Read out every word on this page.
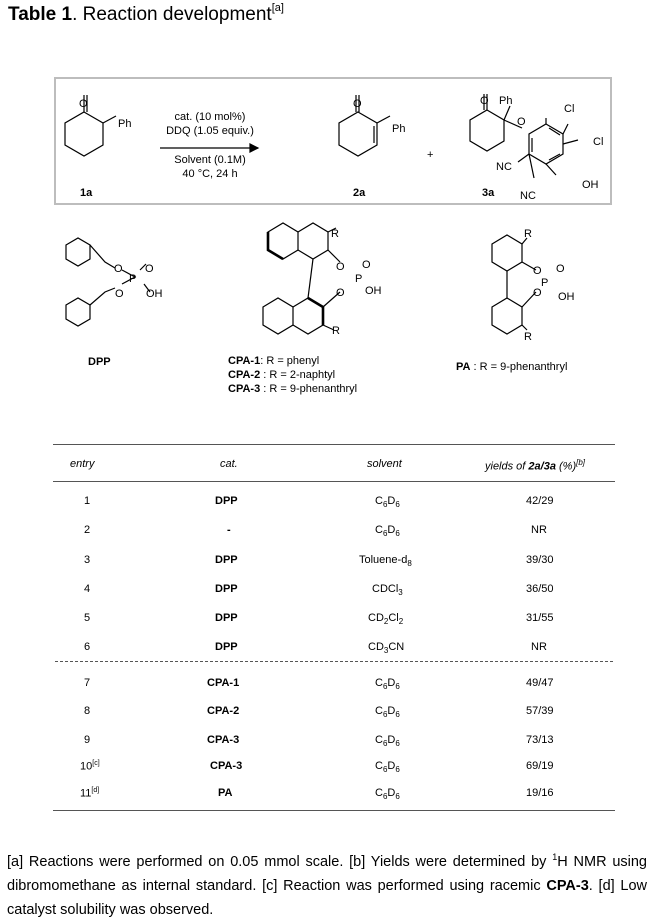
Table 1. Reaction development[a]
O
Ph
O
Ph
O Ph
O
Cl
Cl
NC
OH
NC
+
O
P
O
O
OH
R
O
O
P
O
OH
R
R
O
O
P
O
OH
R
cat. (10 mol%)
DDQ (1.05 equiv.)
Solvent (0.1M)
40 °C, 24 h
1a	2a	3a
DPP	CPA-1: R = phenyl
CPA-2 : R = 2-naphtyl
CPA-3 : R = 9-phenanthryl
PA : R = 9-phenanthryl
entry	cat.	solvent	yields of 2a/3a (%)[b]
1	DPP	$C_6D_6$	42/29
2	-	$C_6D_6$	NR
3	DPP	Toluene-$d_8$	39/30
4	DPP	CDCl$_3$	36/50
5	DPP	$CD_2Cl_2$	31/55
6	DPP	$CD_3CN$	NR
7	CPA-1	$C_6D_6$	49/47
8	CPA-2	$C_6D_6$	57/39
9	CPA-3	$C_6D_6$	73/13
10[c]	CPA-3	$C_6D_6$	69/19
11[d]	PA	$C_6D_6$	19/16
[a] Reactions were performed on 0.05 mmol scale. [b] Yields were determined by $^1$H NMR using dibromomethane as internal standard. [c] Reaction was performed using racemic CPA-3. [d] Low catalyst solubility was observed.
